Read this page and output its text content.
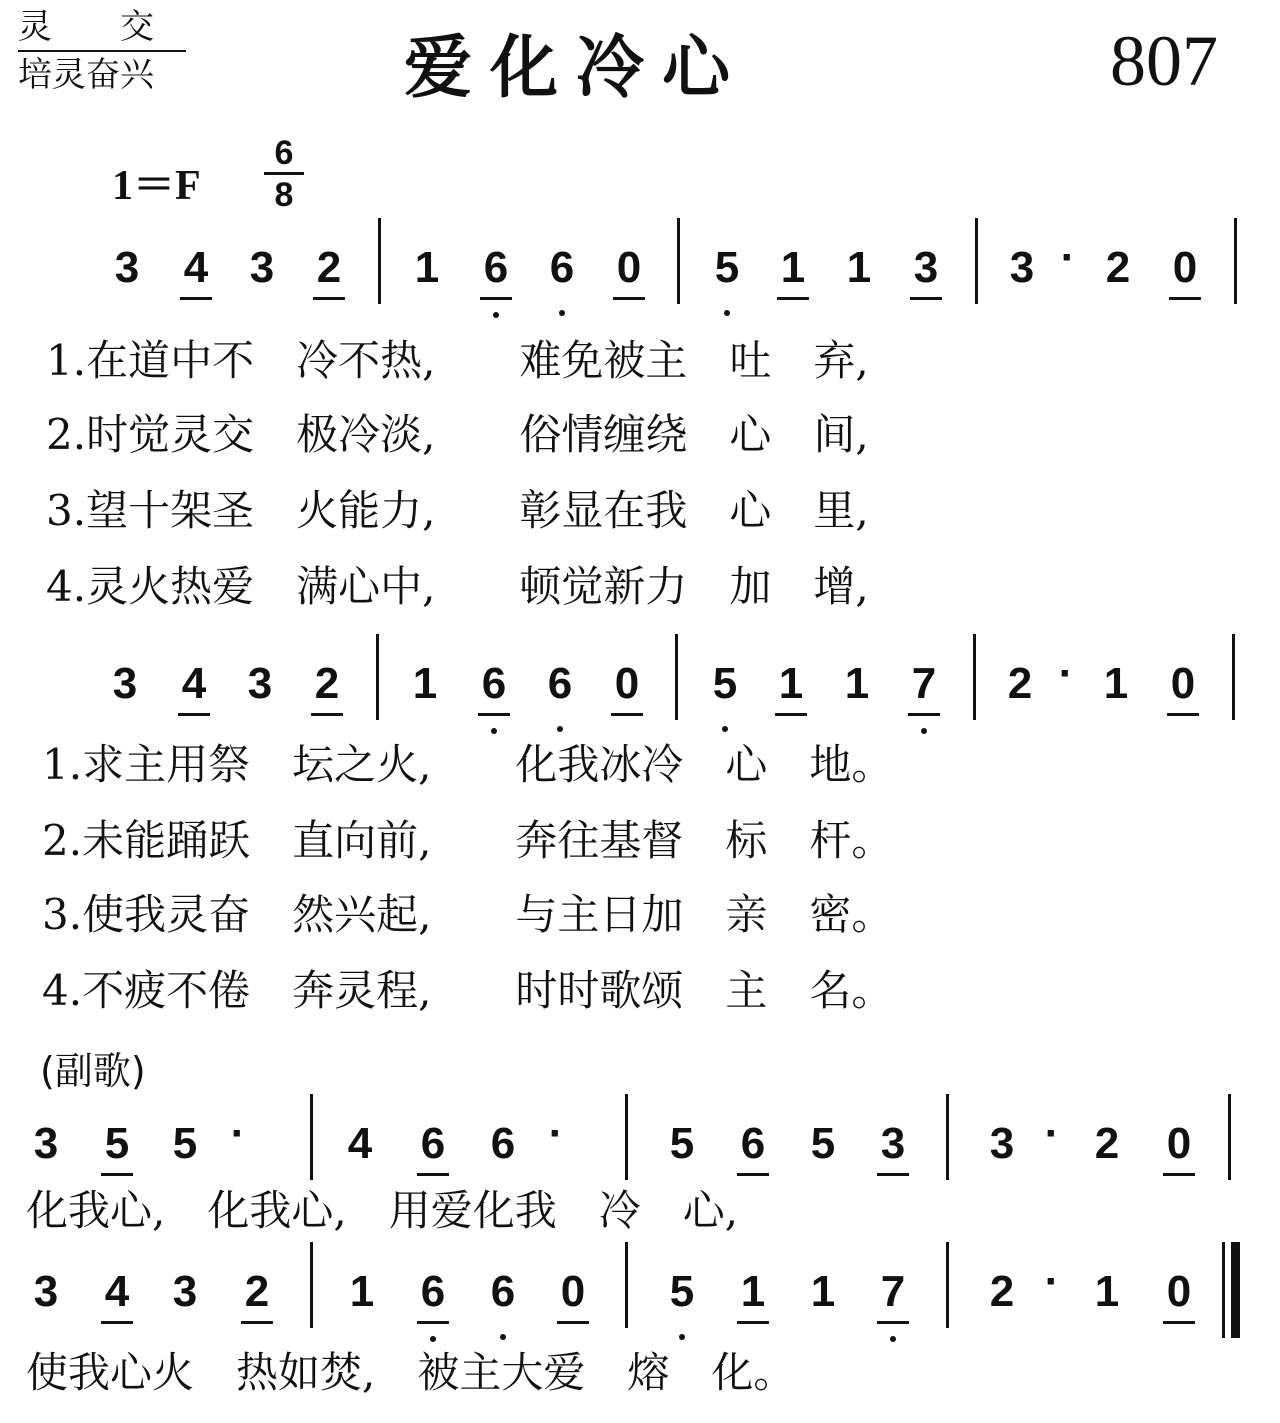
灵　　交
培灵奋兴	爱化冷心	807
1＝F
6
8
3 4 3 2 1 6 6 0 5 1 1 3 3 · 2 0
1.在道中不　冷不热,　　难免被主　吐　弃,
2.时觉灵交　极冷淡,　　俗情缠绕　心　间,
3.望十架圣　火能力,　　彰显在我　心　里,
4.灵火热爱　满心中,　　顿觉新力　加　增,
3 4 3 2 1 6 6 0 5 1 1 7 2 · 1 0
1.求主用祭　坛之火,　　化我冰冷　心　地。
2.未能踊跃　直向前,　　奔往基督　标　杆。
3.使我灵奋　然兴起,　　与主日加　亲　密。
4.不疲不倦　奔灵程,　　时时歌颂　主　名。
(副歌)
3 5 5 ·	4 6 6 ·	5 6 5 3 3 · 2 0
化我心,　化我心,　用爱化我　冷　心,
3 4 3 2 1 6 6 0 5 1 1 7 2 · 1 0
使我心火　热如焚,　被主大爱　熔　化。
